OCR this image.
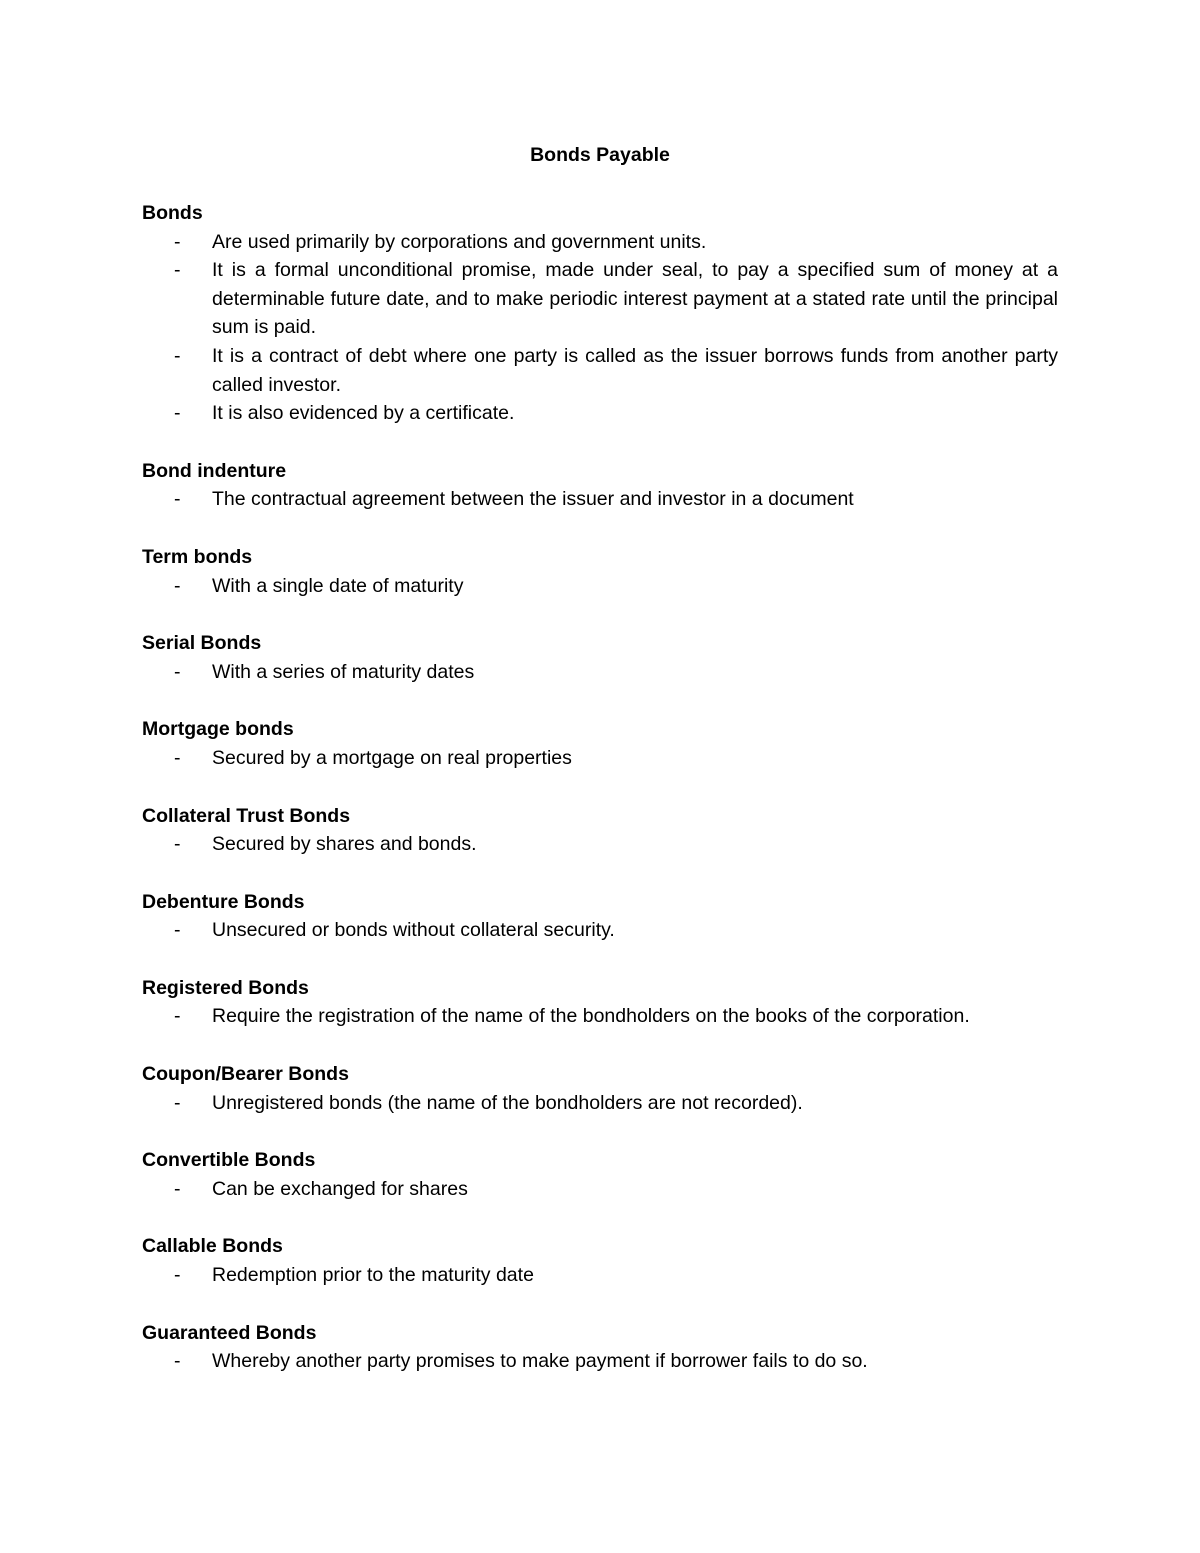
Bonds Payable
Bonds
- Are used primarily by corporations and government units.
- It is a formal unconditional promise, made under seal, to pay a specified sum of money at a determinable future date, and to make periodic interest payment at a stated rate until the principal sum is paid.
- It is a contract of debt where one party is called as the issuer borrows funds from another party called investor.
- It is also evidenced by a certificate.
Bond indenture
- The contractual agreement between the issuer and investor in a document
Term bonds
- With a single date of maturity
Serial Bonds
- With a series of maturity dates
Mortgage bonds
- Secured by a mortgage on real properties
Collateral Trust Bonds
- Secured by shares and bonds.
Debenture Bonds
- Unsecured or bonds without collateral security.
Registered Bonds
- Require the registration of the name of the bondholders on the books of the corporation.
Coupon/Bearer Bonds
- Unregistered bonds (the name of the bondholders are not recorded).
Convertible Bonds
- Can be exchanged for shares
Callable Bonds
- Redemption prior to the maturity date
Guaranteed Bonds
- Whereby another party promises to make payment if borrower fails to do so.
